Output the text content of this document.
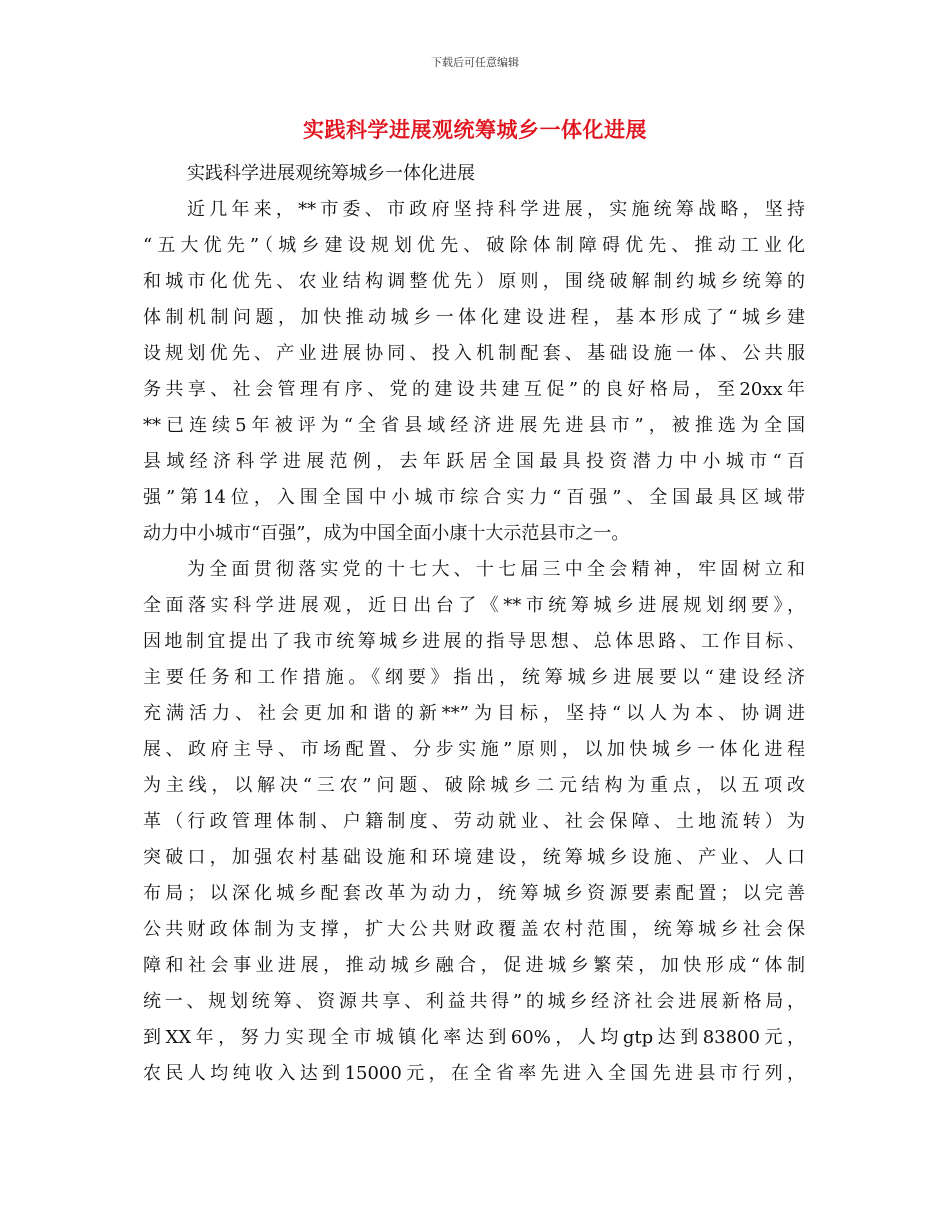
下载后可任意编辑
实践科学进展观统筹城乡一体化进展
实践科学进展观统筹城乡一体化进展
近几年来，**市委、市政府坚持科学进展，实施统筹战略，坚持
“五大优先”（城乡建设规划优先、破除体制障碍优先、推动工业化
和城市化优先、农业结构调整优先）原则，围绕破解制约城乡统筹的
体制机制问题，加快推动城乡一体化建设进程，基本形成了“城乡建
设规划优先、产业进展协同、投入机制配套、基础设施一体、公共服
务共享、社会管理有序、党的建设共建互促”的良好格局，至20xx年
**已连续5年被评为“全省县域经济进展先进县市”，被推选为全国
县域经济科学进展范例，去年跃居全国最具投资潜力中小城市“百
强”第14位，入围全国中小城市综合实力“百强”、全国最具区域带
动力中小城市“百强”，成为中国全面小康十大示范县市之一。
为全面贯彻落实党的十七大、十七届三中全会精神，牢固树立和
全面落实科学进展观，近日出台了《**市统筹城乡进展规划纲要》，
因地制宜提出了我市统筹城乡进展的指导思想、总体思路、工作目标、
主要任务和工作措施。《纲要》指出，统筹城乡进展要以“建设经济
充满活力、社会更加和谐的新**”为目标，坚持“以人为本、协调进
展、政府主导、市场配置、分步实施”原则，以加快城乡一体化进程
为主线，以解决“三农”问题、破除城乡二元结构为重点，以五项改
革（行政管理体制、户籍制度、劳动就业、社会保障、土地流转）为
突破口，加强农村基础设施和环境建设，统筹城乡设施、产业、人口
布局；以深化城乡配套改革为动力，统筹城乡资源要素配置；以完善
公共财政体制为支撑，扩大公共财政覆盖农村范围，统筹城乡社会保
障和社会事业进展，推动城乡融合，促进城乡繁荣，加快形成“体制
统一、规划统筹、资源共享、利益共得”的城乡经济社会进展新格局，
到XX年，努力实现全市城镇化率达到60%，人均gtp达到83800元，
农民人均纯收入达到15000元，在全省率先进入全国先进县市行列，
